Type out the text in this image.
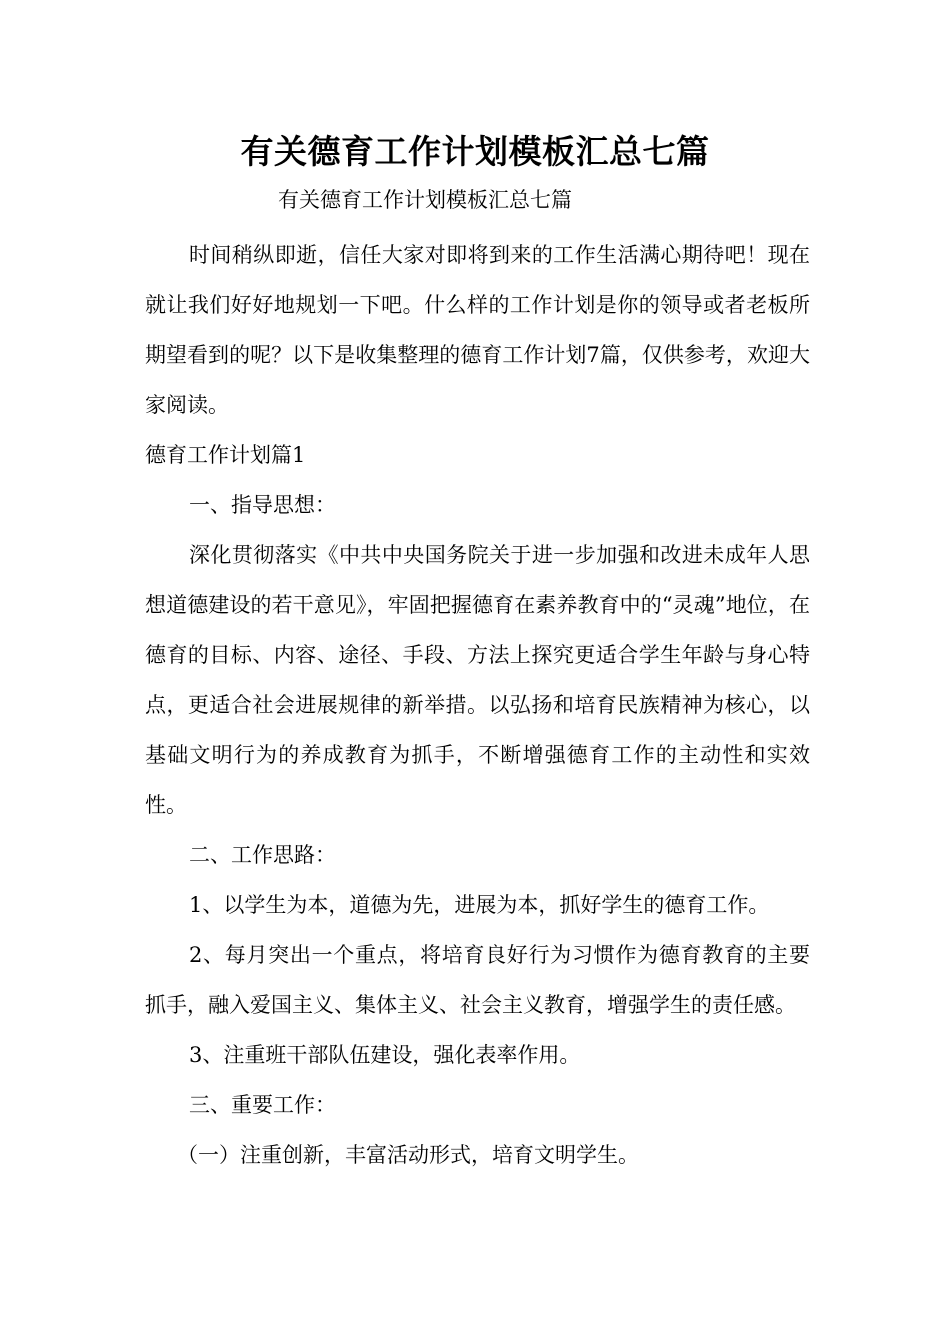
有关德育工作计划模板汇总七篇
有关德育工作计划模板汇总七篇

时间稍纵即逝，信任大家对即将到来的工作生活满心期待吧！现在就让我们好好地规划一下吧。什么样的工作计划是你的领导或者老板所期望看到的呢？以下是收集整理的德育工作计划7篇，仅供参考，欢迎大家阅读。

德育工作计划篇1

一、指导思想：

深化贯彻落实《中共中央国务院关于进一步加强和改进未成年人思想道德建设的若干意见》，牢固把握德育在素养教育中的“灵魂”地位，在德育的目标、内容、途径、手段、方法上探究更适合学生年龄与身心特点，更适合社会进展规律的新举措。以弘扬和培育民族精神为核心，以基础文明行为的养成教育为抓手，不断增强德育工作的主动性和实效性。

二、工作思路：

1、以学生为本，道德为先，进展为本，抓好学生的德育工作。

2、每月突出一个重点，将培育良好行为习惯作为德育教育的主要抓手，融入爱国主义、集体主义、社会主义教育，增强学生的责任感。

3、注重班干部队伍建设，强化表率作用。

三、重要工作：

（一）注重创新，丰富活动形式，培育文明学生。
